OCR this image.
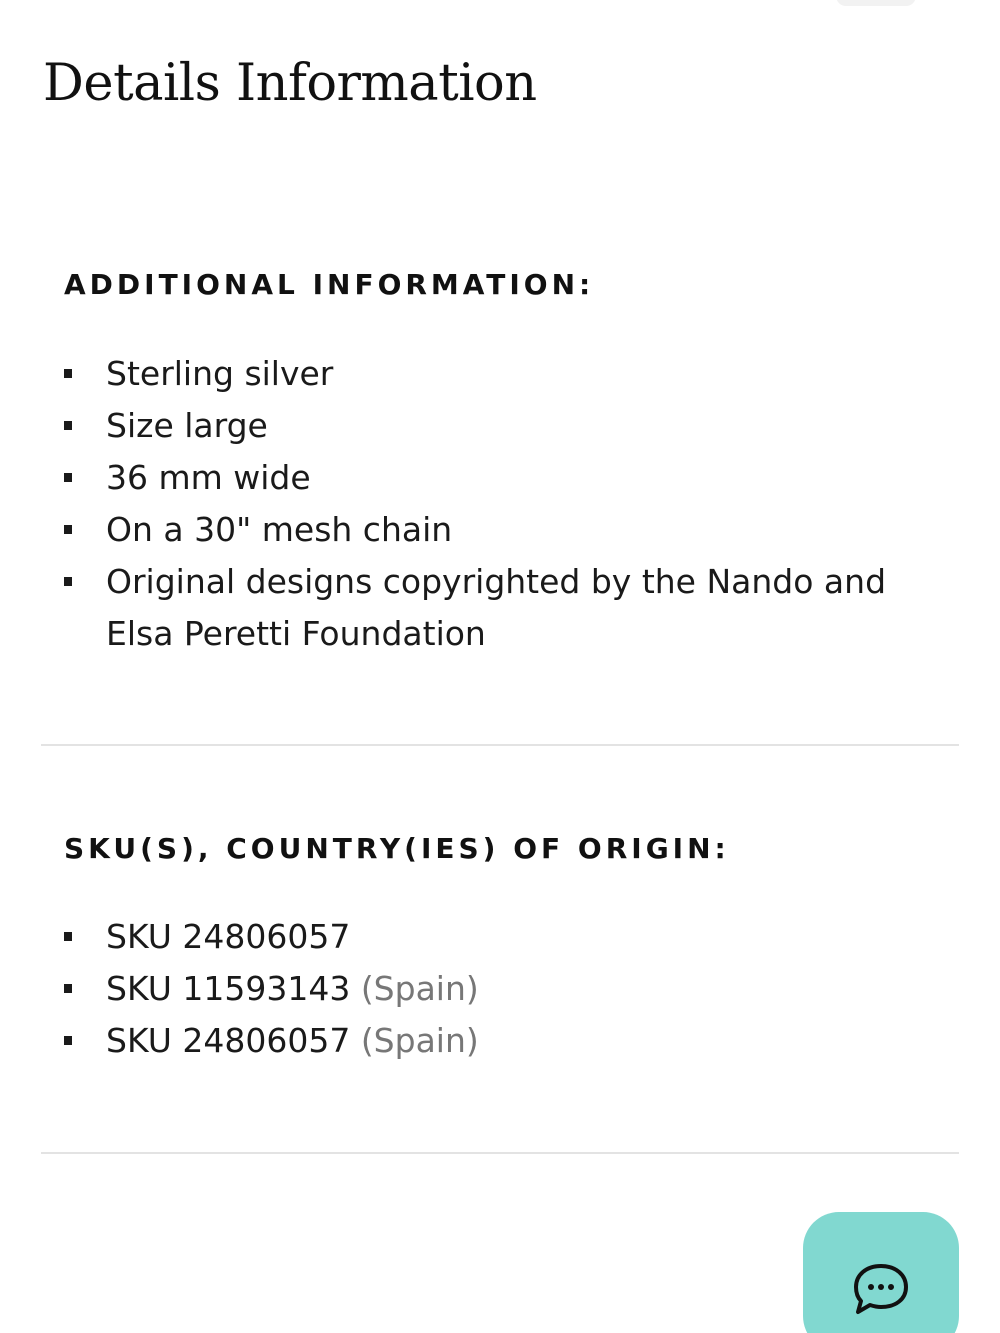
Details Information
ADDITIONAL INFORMATION:
Sterling silver
Size large
36 mm wide
On a 30" mesh chain
Original designs copyrighted by the Nando and Elsa Peretti Foundation
SKU(S), COUNTRY(IES) OF ORIGIN:
SKU 24806057
SKU 11593143 (Spain)
SKU 24806057 (Spain)
